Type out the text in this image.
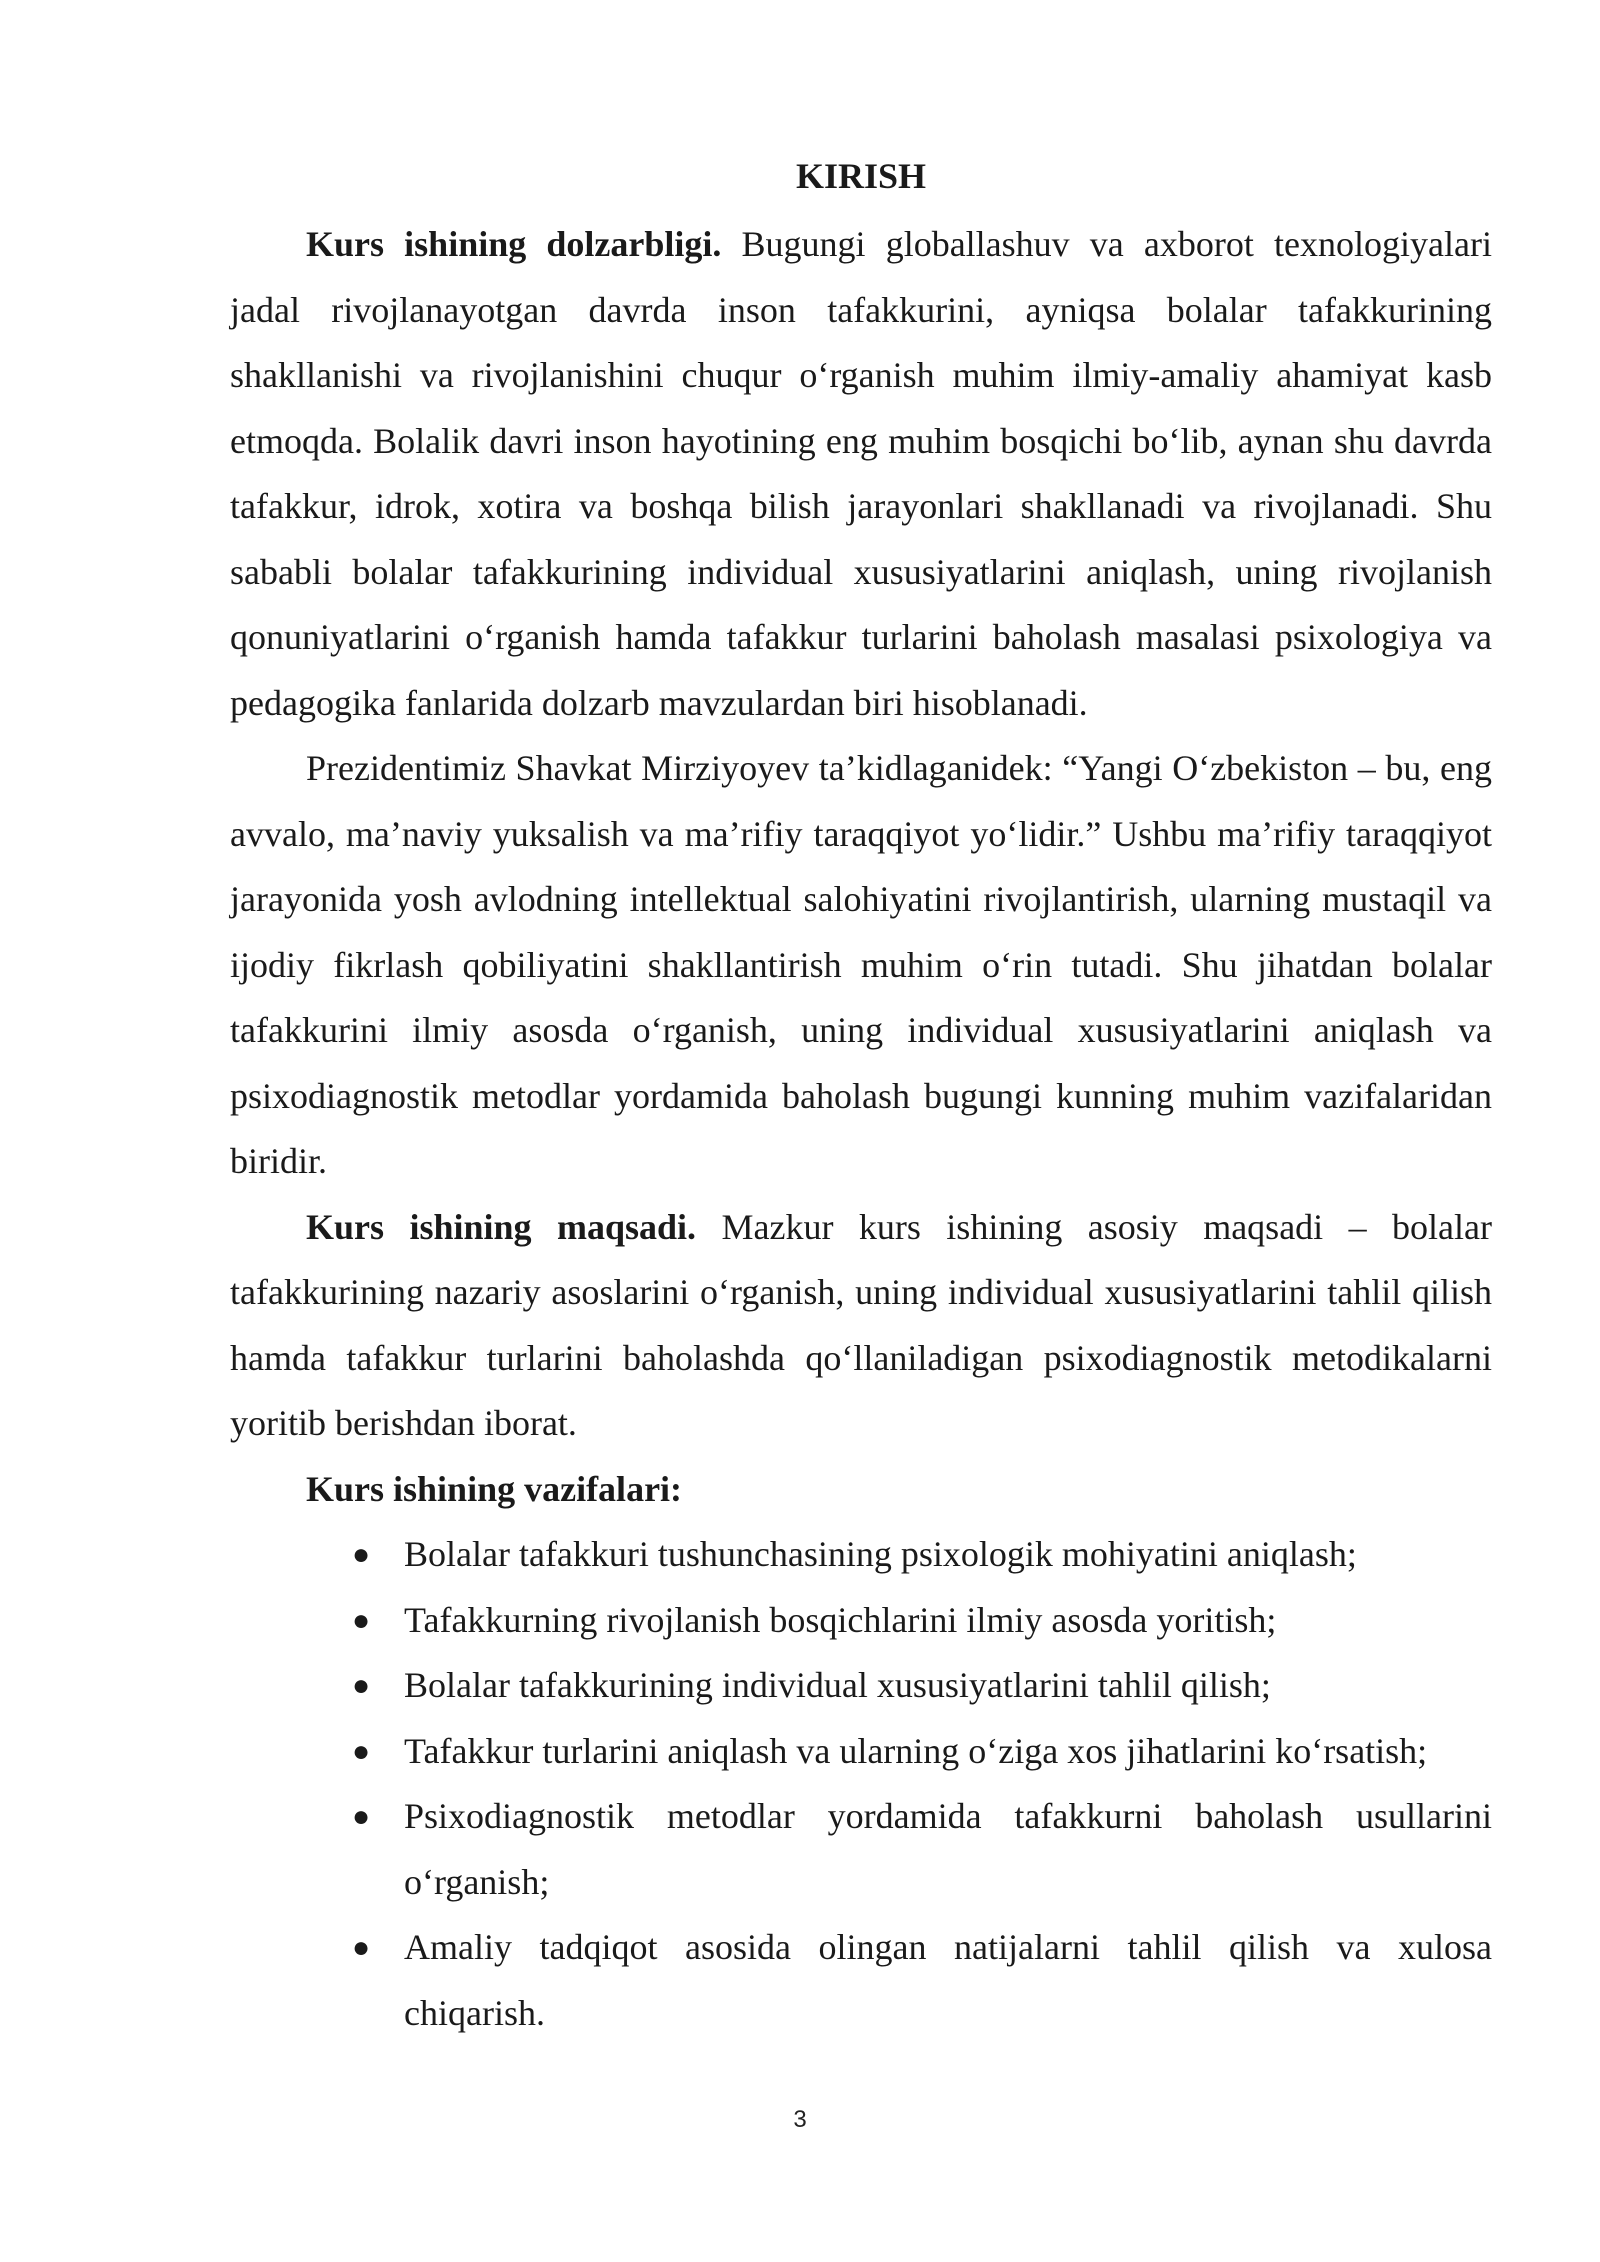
KIRISH

Kurs ishining dolzarbligi. Bugungi globallashuv va axborot texnologiyalari jadal rivojlanayotgan davrda inson tafakkurini, ayniqsa bolalar tafakkurining shakllanishi va rivojlanishini chuqur o‘rganish muhim ilmiy-amaliy ahamiyat kasb etmoqda. Bolalik davri inson hayotining eng muhim bosqichi bo‘lib, aynan shu davrda tafakkur, idrok, xotira va boshqa bilish jarayonlari shakllanadi va rivojlanadi. Shu sababli bolalar tafakkurining individual xususiyatlarini aniqlash, uning rivojlanish qonuniyatlarini o‘rganish hamda tafakkur turlarini baholash masalasi psixologiya va pedagogika fanlarida dolzarb mavzulardan biri hisoblanadi.

Prezidentimiz Shavkat Mirziyoyev ta’kidlaganidek: “Yangi O‘zbekiston – bu, eng avvalo, ma’naviy yuksalish va ma’rifiy taraqqiyot yo‘lidir.” Ushbu ma’rifiy taraqqiyot jarayonida yosh avlodning intellektual salohiyatini rivojlantirish, ularning mustaqil va ijodiy fikrlash qobiliyatini shakllantirish muhim o‘rin tutadi. Shu jihatdan bolalar tafakkurini ilmiy asosda o‘rganish, uning individual xususiyatlarini aniqlash va psixodiagnostik metodlar yordamida baholash bugungi kunning muhim vazifalaridan biridir.

Kurs ishining maqsadi. Mazkur kurs ishining asosiy maqsadi – bolalar tafakkurining nazariy asoslarini o‘rganish, uning individual xususiyatlarini tahlil qilish hamda tafakkur turlarini baholashda qo‘llaniladigan psixodiagnostik metodikalarni yoritib berishdan iborat.

Kurs ishining vazifalari:
● Bolalar tafakkuri tushunchasining psixologik mohiyatini aniqlash;
● Tafakkurning rivojlanish bosqichlarini ilmiy asosda yoritish;
● Bolalar tafakkurining individual xususiyatlarini tahlil qilish;
● Tafakkur turlarini aniqlash va ularning o‘ziga xos jihatlarini ko‘rsatish;
● Psixodiagnostik metodlar yordamida tafakkurni baholash usullarini o‘rganish;
● Amaliy tadqiqot asosida olingan natijalarni tahlil qilish va xulosa chiqarish.
3
